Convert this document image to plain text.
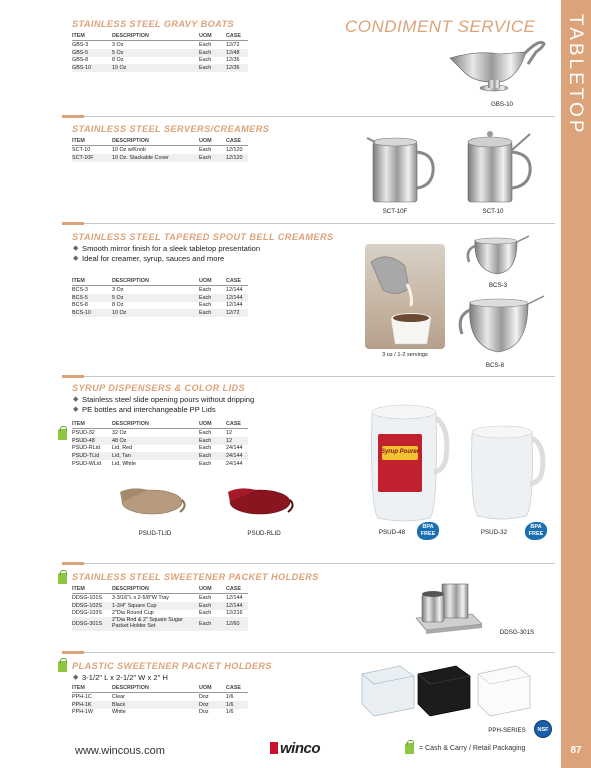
TABLETOP
87
CONDIMENT SERVICE
STAINLESS STEEL GRAVY BOATS
ITEM	DESCRIPTION	UOM	CASE
GBS-3	3 Oz	Each	12/72
GBS-5	5 Oz	Each	12/48
GBS-8	8 Oz	Each	12/36
GBS-10	10 Oz	Each	12/36
GBS-10
STAINLESS STEEL SERVERS/CREAMERS
ITEM	DESCRIPTION	UOM	CASE
SCT-10	10 Oz w/Knob	Each	12/120
SCT-10F	10 Oz. Stackable Cover	Each	12/120
SCT-10F	SCT-10
STAINLESS STEEL TAPERED SPOUT BELL CREAMERS
◆ Smooth mirror finish for a sleek tabletop presentation
◆ Ideal for creamer, syrup, sauces and more
ITEM	DESCRIPTION	UOM	CASE
BCS-3	3 Oz	Each	12/144
BCS-5	5 Oz	Each	12/144
BCS-8	8 Oz	Each	12/144
BCS-10	10 Oz	Each	12/72
3 oz / 1-2 servings
BCS-3
BCS-8
SYRUP DISPENSERS & COLOR LIDS
◆ Stainless steel slide opening pours without dripping
◆ PE bottles and interchangeable PP Lids
ITEM	DESCRIPTION	UOM	CASE
PSUD-32	32 Oz	Each	12
PSUD-48	48 Oz	Each	12
PSUD-RLid	Lid, Red	Each	24/144
PSUD-TLid	Lid, Tan	Each	24/144
PSUD-WLid	Lid, White	Each	24/144
PSUD-TLID	PSUD-RLID
Syrup Pourer
PSUD-48
BPA
FREE	PSUD-32
BPA
FREE
STAINLESS STEEL SWEETENER PACKET HOLDERS
ITEM	DESCRIPTION	UOM	CASE
DDSG-101S	3-3/16"L x 2-5/8"W Tray	Each	12/144
DDSG-102S	1-3/4" Square Cup	Each	12/144
DDSG-103S	2"Dia Round Cup	Each	12/216
DDSG-301S	2"Dia Rnd & 2" Square Sugar Packet Holder Set	Each	12/60
DDSG-301S
PLASTIC SWEETENER PACKET HOLDERS
◆ 3-1/2" L x 2-1/2" W x 2" H
ITEM	DESCRIPTION	UOM	CASE
PPH-1C	Clear	Doz	1/6
PPH-1K	Black	Doz	1/6
PPH-1W	White	Doz	1/6
PPH-SERIES	NSF
www.wincous.com	winco	= Cash & Carry / Retail Packaging
